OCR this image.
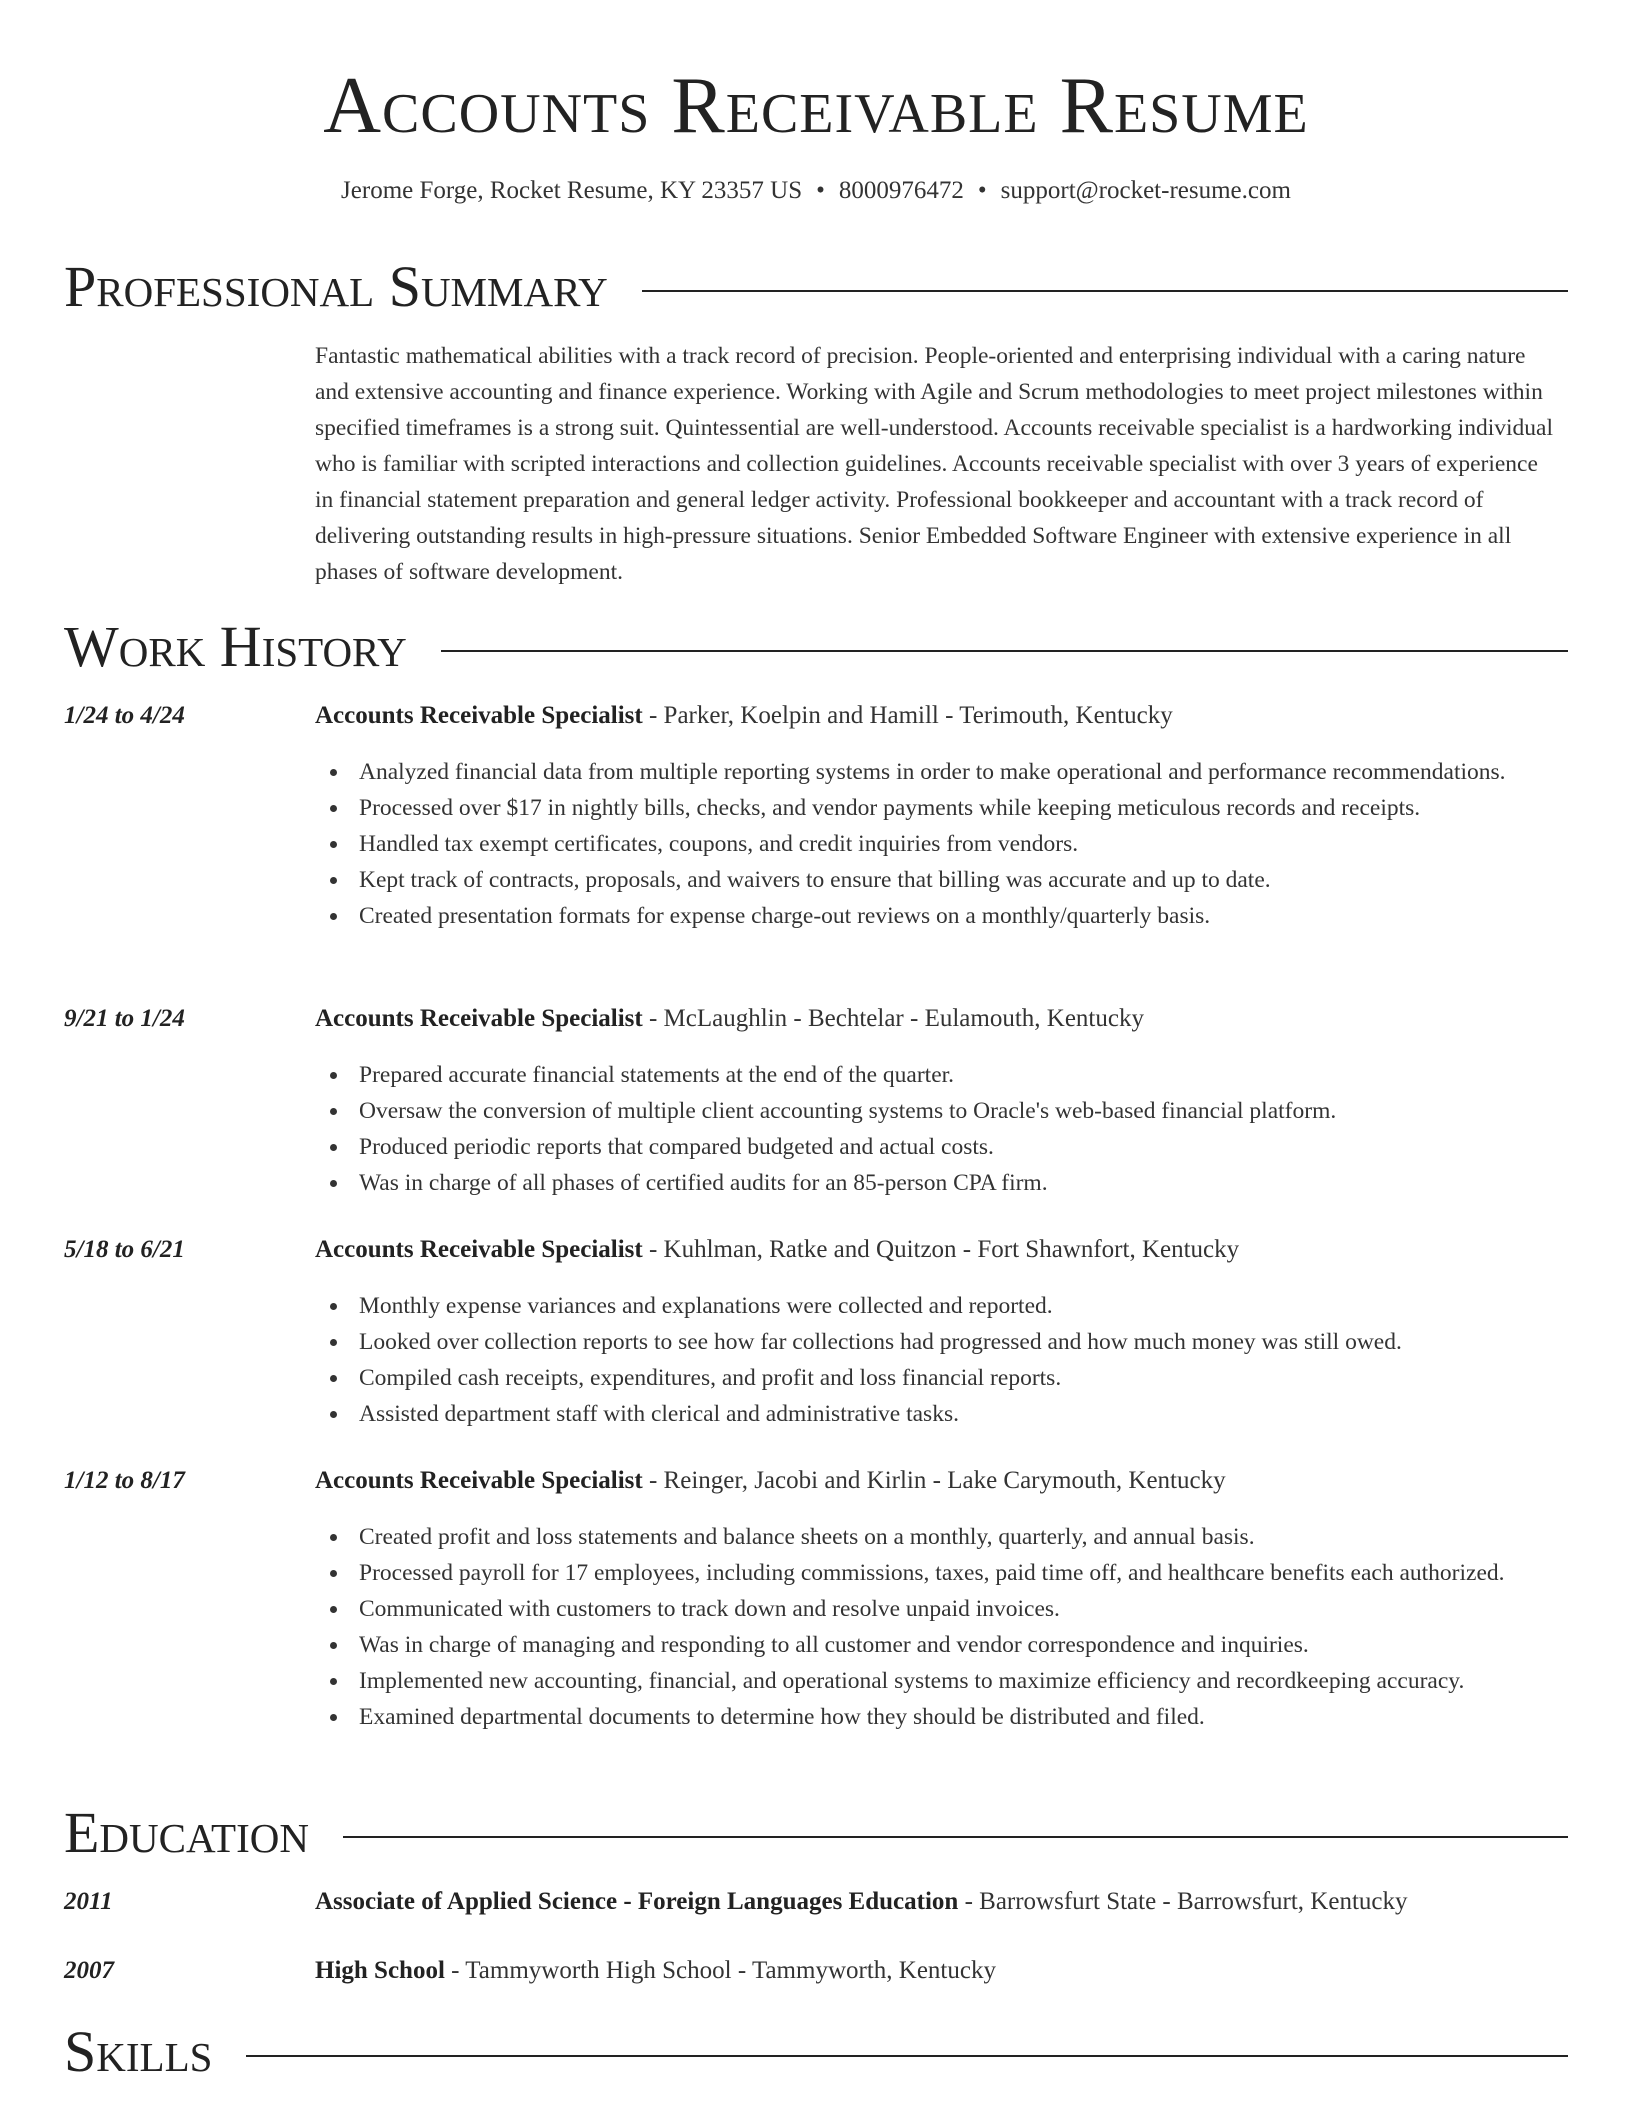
Accounts Receivable Resume
Jerome Forge, Rocket Resume, KY 23357 US • 8000976472 • support@rocket-resume.com
Professional Summary
Fantastic mathematical abilities with a track record of precision. People-oriented and enterprising individual with a caring nature and extensive accounting and finance experience. Working with Agile and Scrum methodologies to meet project milestones within specified timeframes is a strong suit. Quintessential are well-understood. Accounts receivable specialist is a hardworking individual who is familiar with scripted interactions and collection guidelines. Accounts receivable specialist with over 3 years of experience in financial statement preparation and general ledger activity. Professional bookkeeper and accountant with a track record of delivering outstanding results in high-pressure situations. Senior Embedded Software Engineer with extensive experience in all phases of software development.
Work History
1/24 to 4/24	Accounts Receivable Specialist - Parker, Koelpin and Hamill - Terimouth, Kentucky
Analyzed financial data from multiple reporting systems in order to make operational and performance recommendations.
Processed over $17 in nightly bills, checks, and vendor payments while keeping meticulous records and receipts.
Handled tax exempt certificates, coupons, and credit inquiries from vendors.
Kept track of contracts, proposals, and waivers to ensure that billing was accurate and up to date.
Created presentation formats for expense charge-out reviews on a monthly/quarterly basis.
9/21 to 1/24	Accounts Receivable Specialist - McLaughlin - Bechtelar - Eulamouth, Kentucky
Prepared accurate financial statements at the end of the quarter.
Oversaw the conversion of multiple client accounting systems to Oracle's web-based financial platform.
Produced periodic reports that compared budgeted and actual costs.
Was in charge of all phases of certified audits for an 85-person CPA firm.
5/18 to 6/21	Accounts Receivable Specialist - Kuhlman, Ratke and Quitzon - Fort Shawnfort, Kentucky
Monthly expense variances and explanations were collected and reported.
Looked over collection reports to see how far collections had progressed and how much money was still owed.
Compiled cash receipts, expenditures, and profit and loss financial reports.
Assisted department staff with clerical and administrative tasks.
1/12 to 8/17	Accounts Receivable Specialist - Reinger, Jacobi and Kirlin - Lake Carymouth, Kentucky
Created profit and loss statements and balance sheets on a monthly, quarterly, and annual basis.
Processed payroll for 17 employees, including commissions, taxes, paid time off, and healthcare benefits each authorized.
Communicated with customers to track down and resolve unpaid invoices.
Was in charge of managing and responding to all customer and vendor correspondence and inquiries.
Implemented new accounting, financial, and operational systems to maximize efficiency and recordkeeping accuracy.
Examined departmental documents to determine how they should be distributed and filed.
Education
2011	Associate of Applied Science - Foreign Languages Education - Barrowsfurt State - Barrowsfurt, Kentucky
2007	High School - Tammyworth High School - Tammyworth, Kentucky
Skills
